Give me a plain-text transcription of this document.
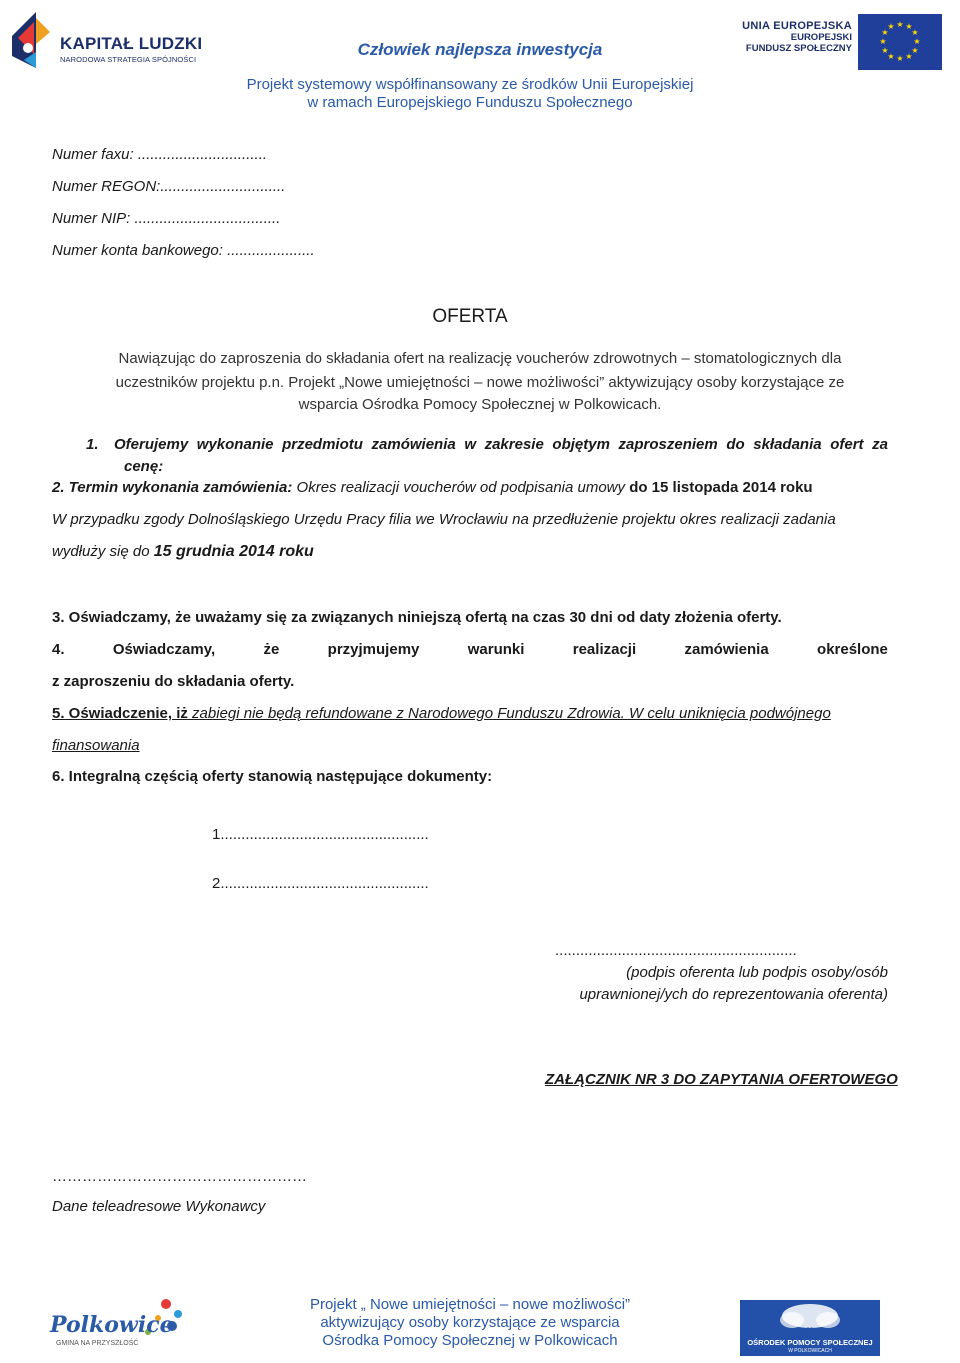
KAPITAŁ LUDZKI
NARODOWA STRATEGIA SPÓJNOŚCI
Człowiek najlepsza inwestycja
Projekt systemowy współfinansowany ze środków Unii Europejskiej
w ramach Europejskiego Funduszu Społecznego
UNIA EUROPEJSKA
EUROPEJSKI
FUNDUSZ SPOŁECZNY
★ ★
★
★
★
★
★
★
★
★
★
★
Numer faxu: ...............................
Numer REGON:..............................
Numer NIP: ...................................
Numer konta bankowego: .....................
OFERTA
Nawiązując do zaproszenia do składania ofert na realizację voucherów zdrowotnych – stomatologicznych dla
uczestników projektu p.n. Projekt „Nowe umiejętności – nowe możliwości” aktywizujący osoby korzystające ze
wsparcia Ośrodka Pomocy Społecznej w Polkowicach.
1. Oferujemy wykonanie przedmiotu zamówienia w zakresie objętym zaproszeniem do składania ofert za
cenę:
2. Termin wykonania zamówienia: Okres realizacji voucherów od podpisania umowy do 15 listopada 2014 roku
W przypadku zgody Dolnośląskiego Urzędu Pracy filia we Wrocławiu na przedłużenie projektu okres realizacji zadania
wydłuży się do 15 grudnia 2014 roku
3. Oświadczamy, że uważamy się za związanych niniejszą ofertą na czas 30 dni od daty złożenia oferty.
4.	Oświadczamy,	że	przyjmujemy	warunki	realizacji	zamówienia	określone
z zaproszeniu do składania oferty.
5. Oświadczenie, iż zabiegi nie będą refundowane z Narodowego Funduszu Zdrowia. W celu uniknięcia podwójnego
finansowania
6. Integralną częścią oferty stanowią następujące dokumenty:
1..................................................
2..................................................
..........................................................
(podpis oferenta lub podpis osoby/osób
uprawnionej/ych do reprezentowania oferenta)
ZAŁĄCZNIK NR 3 DO ZAPYTANIA OFERTOWEGO
……………………………………………
Dane teleadresowe Wykonawcy
Polkowice
GMINA NA PRZYSZŁOŚĆ
Projekt „ Nowe umiejętności – nowe możliwości”
aktywizujący osoby korzystające ze wsparcia
Ośrodka Pomocy Społecznej w Polkowicach
ops
OŚRODEK POMOCY SPOŁECZNEJ
W POLKOWICACH
